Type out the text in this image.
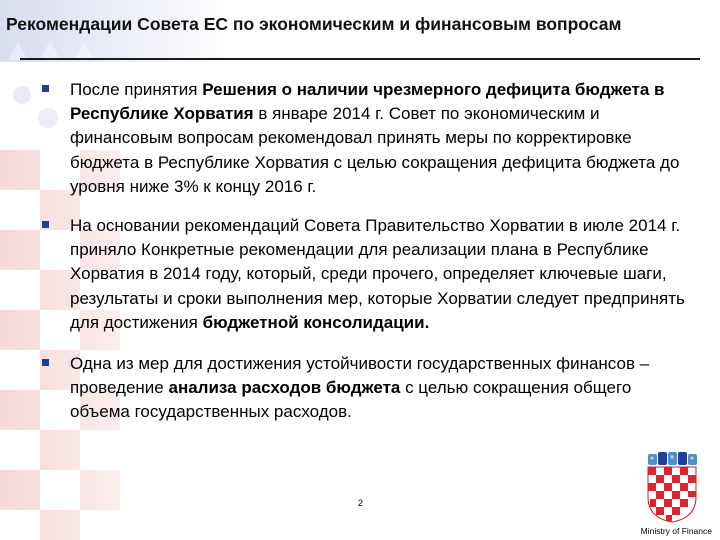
Рекомендации Совета ЕС по экономическим и финансовым вопросам
После принятия Решения о наличии чрезмерного дефицита бюджета в Республике Хорватия в январе 2014 г. Совет по экономическим и финансовым вопросам рекомендовал принять меры по корректировке бюджета в Республике Хорватия с целью сокращения дефицита бюджета до уровня ниже 3% к концу 2016 г.
На основании рекомендаций Совета Правительство Хорватии в июле 2014 г. приняло Конкретные рекомендации для реализации плана в Республике Хорватия в 2014 году, который, среди прочего, определяет ключевые шаги, результаты и сроки выполнения мер, которые Хорватии следует предпринять для достижения бюджетной консолидации.
Одна из мер для достижения устойчивости государственных финансов – проведение анализа расходов бюджета с целью сокращения общего объема государственных расходов.
2
Ministry of Finance
